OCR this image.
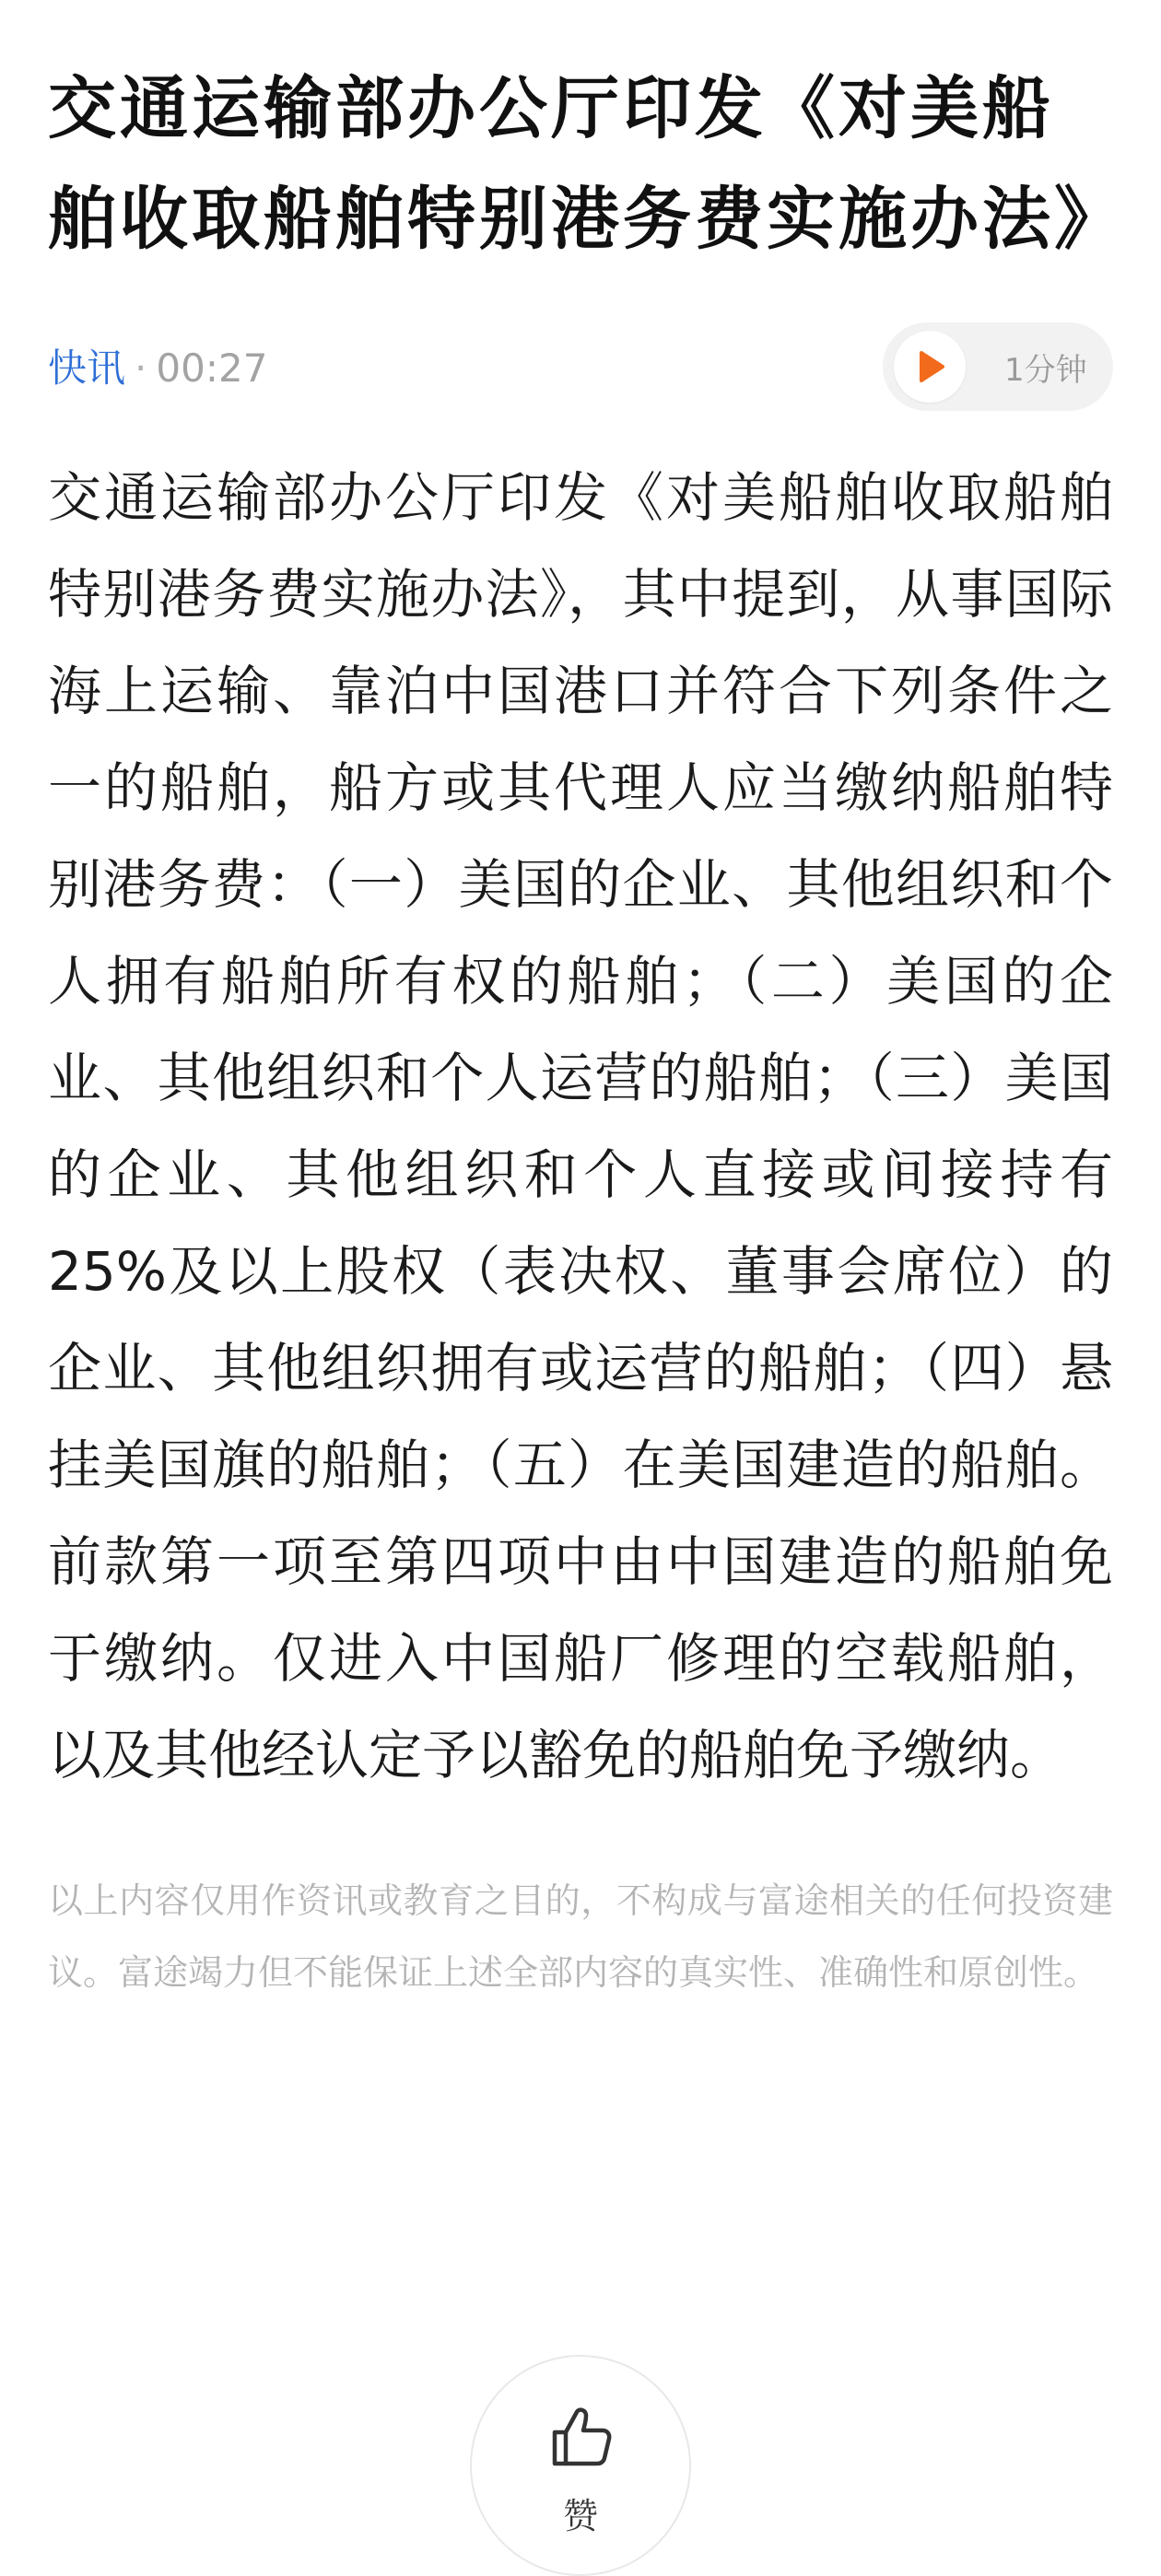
交通运输部办公厅印发《对美船舶收取船舶特别港务费实施办法》
快讯 · 00:27	1分钟

交通运输部办公厅印发《对美船舶收取船舶特别港务费实施办法》，其中提到，从事国际海上运输、靠泊中国港口并符合下列条件之一的船舶，船方或其代理人应当缴纳船舶特别港务费：（一）美国的企业、其他组织和个人拥有船舶所有权的船舶；（二）美国的企业、其他组织和个人运营的船舶；（三）美国的企业、其他组织和个人直接或间接持有25%及以上股权（表决权、董事会席位）的企业、其他组织拥有或运营的船舶；（四）悬挂美国旗的船舶；（五）在美国建造的船舶。前款第一项至第四项中由中国建造的船舶免于缴纳。仅进入中国船厂修理的空载船舶，以及其他经认定予以豁免的船舶免予缴纳。

以上内容仅用作资讯或教育之目的，不构成与富途相关的任何投资建议。富途竭力但不能保证上述全部内容的真实性、准确性和原创性。

赞
